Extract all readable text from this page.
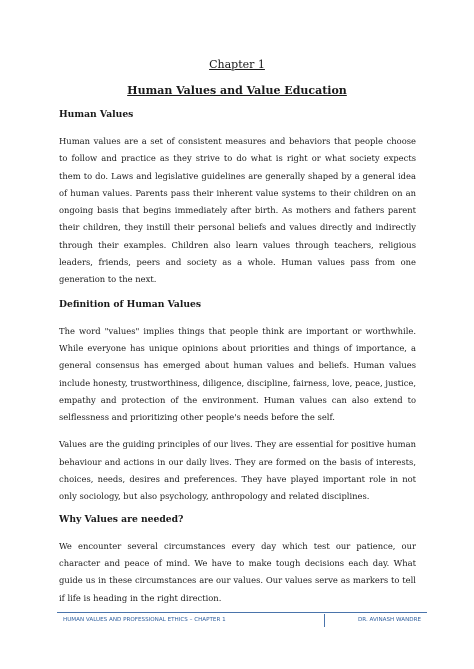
Chapter 1
Human Values and Value Education
Human Values

Human values are a set of consistent measures and behaviors that people choose to follow and practice as they strive to do what is right or what society expects them to do. Laws and legislative guidelines are generally shaped by a general idea of human values. Parents pass their inherent value systems to their children on an ongoing basis that begins immediately after birth. As mothers and fathers parent their children, they instill their personal beliefs and values directly and indirectly through their examples. Children also learn values through teachers, religious leaders, friends, peers and society as a whole. Human values pass from one generation to the next.

Definition of Human Values

The word "values" implies things that people think are important or worthwhile. While everyone has unique opinions about priorities and things of importance, a general consensus has emerged about human values and beliefs. Human values include honesty, trustworthiness, diligence, discipline, fairness, love, peace, justice, empathy and protection of the environment. Human values can also extend to selflessness and prioritizing other people's needs before the self.

Values are the guiding principles of our lives. They are essential for positive human behaviour and actions in our daily lives. They are formed on the basis of interests, choices, needs, desires and preferences. They have played important role in not only sociology, but also psychology, anthropology and related disciplines.

Why Values are needed?

We encounter several circumstances every day which test our patience, our character and peace of mind. We have to make tough decisions each day. What guide us in these circumstances are our values. Our values serve as markers to tell if life is heading in the right direction.

HUMAN VALUES AND PROFESSIONAL ETHICS – CHAPTER 1	DR. AVINASH WANDRE
